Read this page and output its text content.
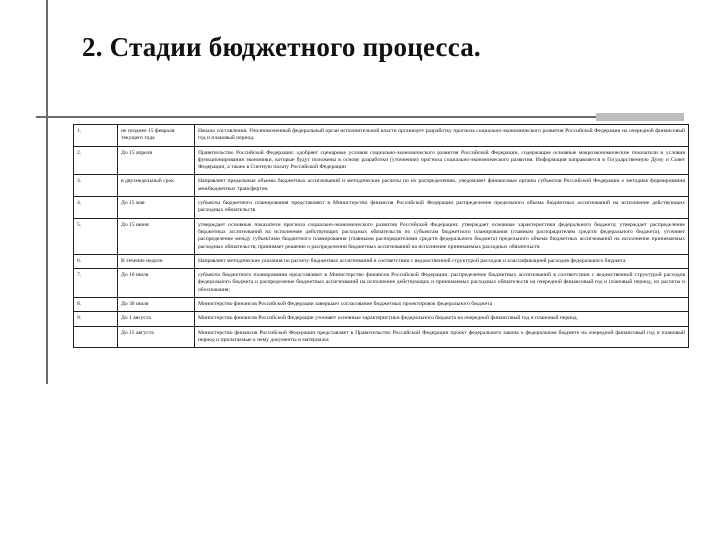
2. Стадии бюджетного процесса.
1.	не позднее 15 февраля текущего года	Начало составления. Уполномоченный федеральный орган исполнительной власти организует разработку прогноза социально-экономического развития Российской Федерации на очередной финансовый год и плановый период.
2.	До 15 апреля	Правительство Российской Федерации: одобряет сценарные условия социально-экономического развития Российской Федерации, содержащие основные макроэкономические показатели и условия функционирования экономики, которые будут положены в основу разработки (уточнения) прогноза социально-экономического развития. Информация направляется в Государственную Думу и Совет Федерации, а также в Счетную палату Российской Федерации
3.	в двухнедельный срок	Направляет предельные объемы бюджетных ассигнований и методические расчеты по их распределению, уведомляет финансовые органы субъектов Российской Федерации о методике формирования межбюджетных трансфертов.
4.	До 15 мая	субъекты бюджетного планирования представляют в Министерство финансов Российской Федерации распределение предельного объема бюджетных ассигнований на исполнение действующих расходных обязательств
5.	До 15 июня	утверждает основные показатели прогноза социально-экономического развития Российской Федерации; утверждает основные характеристики федерального бюджета; утверждает распределение бюджетных ассигнований на исполнение действующих расходных обязательств по субъектам бюджетного планирования (главным распорядителям средств федерального бюджета), уточняет распределение между субъектами бюджетного планирования (главными распорядителями средств федерального бюджета) предельного объема бюджетных ассигнований на исполнение принимаемых расходных обязательств; принимает решение о распределении бюджетных ассигнований на исполнение принимаемых расходных обязательств
6.	В течение недели	Направляет методические указания по расчету бюджетных ассигнований в соответствии с ведомственной структурой расходов и классификацией расходов федерального бюджета
7.	До 10 июля	субъекты бюджетного планирования представляют в Министерство финансов Российской Федерации: распределение бюджетных ассигнований в соответствии с ведомственной структурой расходов федерального бюджета и распределение бюджетных ассигнований на исполнение действующих и принимаемых расходных обязательств на очередной финансовый год и плановый период, их расчеты и обоснования;
8.	До 30 июля	Министерство финансов Российской Федерации завершает согласование бюджетных проектировок федерального бюджета
9.	До 1 августа	Министерство финансов Российской Федерации уточняет основные характеристики федерального бюджета на очередной финансовый год и плановый период.
	До 15 августа	Министерство финансов Российской Федерации представляет в Правительство Российской Федерации проект федерального закона о федеральном бюджете на очередной финансовый год и плановый период и прилагаемые к нему документы и материалы;
